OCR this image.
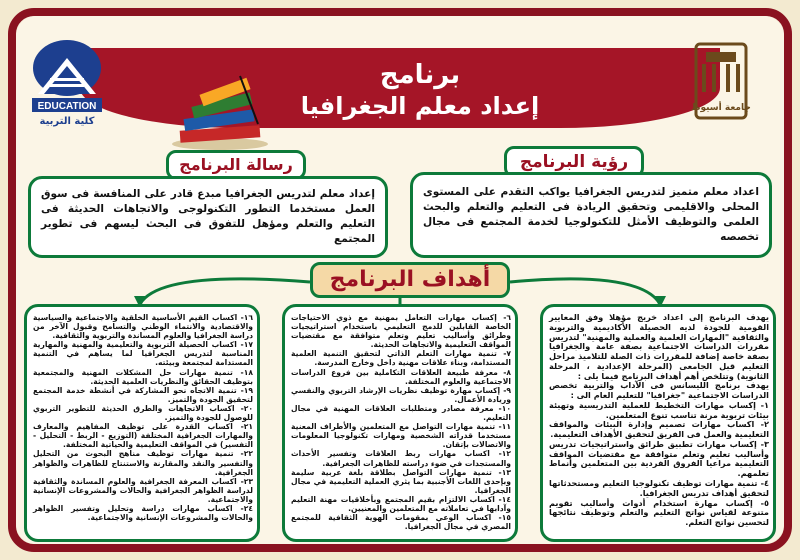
برنامج
إعداد معلم الجغرافيا
EDUCATION
كلية التربية
جامعة أسيوط
رسالة البرنامج
إعداد معلم لتدريس الجغرافيا مبدع قادر على المنافسة فى سوق العمل مستخدما التطور التكنولوجى والاتجاهات الحديثة فى التعليم والتعلم ومؤهل للتفوق فى البحث ليسهم فى تطوير المجتمع
رؤية البرنامج
اعداد معلم متميز لتدريس الجغرافيا يواكب التقدم على المستوى المحلى والاقليمى وتحقيق الريادة فى التعليم والتعلم والبحث العلمى والتوظيف الأمثل للتكنولوجيا لخدمة المجتمع فى مجال تخصصه
أهداف البرنامج
١٦- اكساب القيم الأساسية الخلقية والاجتماعية والسياسية والاقتصادية والانتماء الوطني والتسامح وقبول الآخر من دراسة الجغرافيا والعلوم المساندة والتربوية والثقافية.
١٧- اكساب الحصيلة التربوية والتعليمية والمهنية والمهارية المناسبة لتدريس الجغرافيا لما يساهم في التنمية المستدامة لمجتمعة وبيئته.
١٨- تنمية مهارات حل المشكلات المهنية والمجتمعية بتوظيف الحقائق والنظريات العلمية الحديثة.
١٩- تنمية الاتجاه نحو المشاركة في أنشطة خدمة المجتمع لتحقيق الجودة والتميز.
٢٠- اكساب الاتجاهات والطرق الحديثة للتطوير التربوي للوصول للجودة والتميز.
٢١- اكساب القدرة على توظيف المفاهيم والمعارف والمهارات الجغرافية المختلفة (التوزيع - الربط - التحليل - التفسير) في المواقف التعليمية والحياتية المختلفة.
٢٢- تنمية مهارات توظيف مناهج البحوث من التحليل والتفسير والنقد والمقارنة والاستنتاج للظاهرات والظواهر الجغرافية.
٢٣- اكساب المعرفة الجغرافية والعلوم المساندة والثقافية لدراسة الظواهر الجغرافية والحالات والمشروعات الإنسانية والاجتماعية.
٢٤- اكساب مهارات دراسة وتحليل وتفسير الظواهر والحالات والمشروعات الإنسانية والاجتماعية.
٦- إكساب مهارات التعامل بمهنية مع ذوي الاحتياجات الخاصة القابلين للدمج التعليمي باستخدام استراتيجيات وطرائق وأساليب تعليم وتعلم متوافقة مع مقتضيات المواقف التعليمية والاتجاهات الحديثة.
٧- تنمية مهارات التعلم الذاتي لتحقيق التنمية العلمية المستدامة، وبناء علاقات مهنية داخل وخارج المدرسة.
٨- معرفة طبيعة العلاقات التكاملية بين فروع الدراسات الاجتماعية والعلوم المختلفة.
٩- إكساب مهارة توظيف نظريات الإرشاد التربوي والنفسي وريادة الأعمال.
١٠- معرفة مصادر ومتطلبات العلاقات المهنية في مجال التعليم.
١١- تنمية مهارات التواصل مع المتعلمين والأطراف المعنية مستخدما قدراته الشخصية ومهارات تكنولوجيا المعلومات والاتصالات بإتقان.
١٢- اكساب مهارات ربط العلاقات وتفسير الأحداث والمستجدات في ضوء دراسته للظاهرات الجغرافية.
١٣- تنمية مهارات التواصل بطلاقة بلغة عربية سليمة وبإحدى اللغات الأجنبية بما يثري العملية التعليمية في مجال الجغرافيا.
١٤- اكساب الالتزام بقيم المجتمع وبأخلاقيات مهنة التعليم وآدابها في تعاملاته مع المتعلمين والمعنيين.
١٥- اكساب الوعي بمقومات الهوية الثقافية للمجتمع المصري في مجال الجغرافيا.
يهدف البرنامج إلى اعداد خريج مؤهلا وفق المعايير القومية للجودة لديه الحصيلة الأكاديمية والتربوية والثقافية "المهارات العلمية والعملية والمهنية" لتدريس مقررات الدراسات الاجتماعية بصفة عامة والجغرافيا بصفة خاصة إضافة للمقررات ذات الصلة للتلاميذ مراحل التعليم قبل الجامعى (المرحلة الإعدادية ، المرحلة الثانوية) وتتلخص أهم أهداف البرنامج فيما يلى :
يهدف برنامج الليسانس فى الآداب والتربية تخصص الدراسات الاجتماعية "جغرافيا" للتعليم العام الى :
١- إكساب مهارات التخطيط للعملية التدريسية وتهيئة بيئات تربوية مرنة تناسب تنوع المتعلمين.
٢- اكساب مهارات تصميم وإدارة البيئات والمواقف التعليمية والعمل فى الفريق لتحقيق الأهداف التعليمية.
٣- إكساب مهارات تطبيق طرائق واستراتيجيات تدريس وأساليب تعليم وتعلم متوافقة مع مقتضيات المواقف التعليمية مراعيا الفروق الفردية بين المتعلمين وأنماط تعلمهم.
٤- تنمية مهارات توظيف تكنولوجيا التعليم ومستحدثاتها لتحقيق أهداف تدريس الجغرافيا.
٥- إكساب مهارة استخدام أدوات وأساليب تقويم متنوعة لقياس نواتج التعليم والتعلم وتوظيف نتائجها لتحسين نواتج التعلم.
